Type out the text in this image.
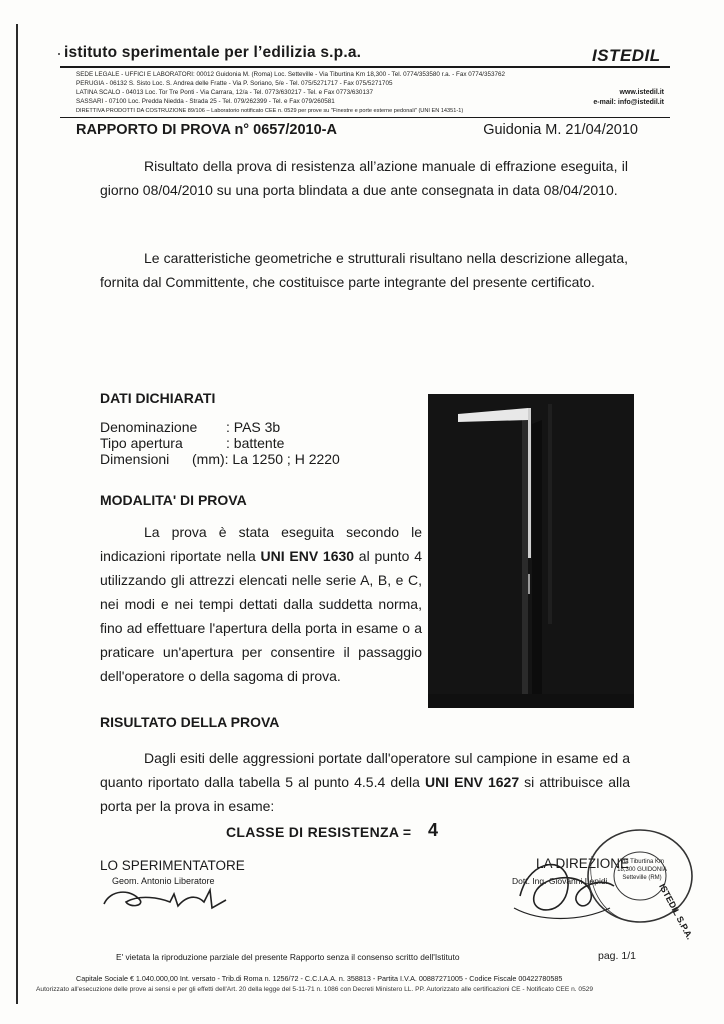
istituto sperimentale per l’edilizia s.p.a.	ISTEDIL
SEDE LEGALE - UFFICI E LABORATORI: 00012 Guidonia M. (Roma) Loc. Setteville - Via Tiburtina Km 18,300 - Tel. 0774/353580 r.a. - Fax 0774/353762
PERUGIA - 06132 S. Sisto Loc. S. Andrea delle Fratte - Via P. Soriano, 5/e - Tel. 075/5271717 - Fax 075/5271705
LATINA SCALO - 04013 Loc. Tor Tre Ponti - Via Carrara, 12/a - Tel. 0773/630217 - Tel. e Fax 0773/630137
SASSARI - 07100 Loc. Predda Niedda - Strada 25 - Tel. 079/262399 - Tel. e Fax 079/260581
DIRETTIVA PRODOTTI DA COSTRUZIONE 89/106 – Laboratorio notificato CEE n. 0529 per prove su "Finestre e porte esterne pedonali" (UNI EN 14351-1)
www.istedil.it
e-mail: info@istedil.it
RAPPORTO DI PROVA n° 0657/2010-A	Guidonia M. 21/04/2010
Risultato della prova di resistenza all’azione manuale di effrazione eseguita, il giorno 08/04/2010 su una porta blindata a due ante consegnata in data 08/04/2010.
Le caratteristiche geometriche e strutturali risultano nella descrizione allegata, fornita dal Committente, che costituisce parte integrante del presente certificato.
DATI DICHIARATI
Denominazione : PAS 3b
Tipo apertura	: battente
Dimensioni (mm): La 1250 ; H 2220
MODALITA' DI PROVA
La prova è stata eseguita secondo le indicazioni riportate nella UNI ENV 1630 al punto 4 utilizzando gli attrezzi elencati nelle serie A, B, e C, nei modi e nei tempi dettati dalla suddetta norma, fino ad effettuare l'apertura della porta in esame o a praticare un'apertura per consentire il passaggio dell'operatore o della sagoma di prova.
RISULTATO DELLA PROVA
Dagli esiti delle aggressioni portate dall'operatore sul campione in esame ed a quanto riportato dalla tabella 5 al punto 4.5.4 della UNI ENV 1627 si attribuisce alla porta per la prova in esame:
CLASSE DI RESISTENZA = 4
LO SPERIMENTATORE
Geom. Antonio Liberatore
LA DIREZIONE
Dott. Ing. Giovanni Lepidi
ISTEDIL S.P.A.
Via Tiburtina Km 18,300 GUIDONIA Setteville (RM)
E' vietata la riproduzione parziale del presente Rapporto senza il consenso scritto dell'Istituto	pag. 1/1
Capitale Sociale € 1.040.000,00 Int. versato - Trib.di Roma n. 1256/72 - C.C.I.A.A. n. 358813 - Partita I.V.A. 00887271005 - Codice Fiscale 00422780585
Autorizzato all'esecuzione delle prove ai sensi e per gli effetti dell'Art. 20 della legge del 5-11-71 n. 1086 con Decreti Ministero LL. PP. Autorizzato alle certificazioni CE - Notificato CEE n. 0529
